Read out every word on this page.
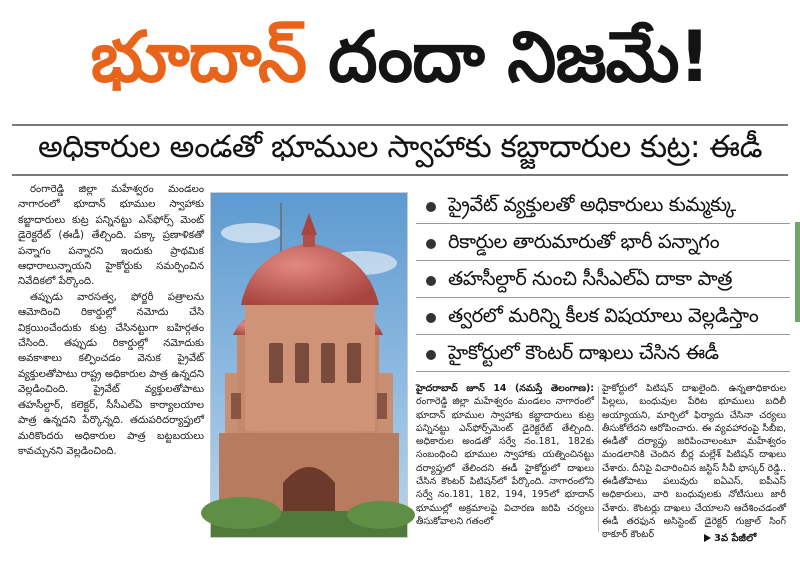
భూదాన్ దందా నిజమే!
అధికారుల అండతో భూముల స్వాహాకు కబ్జాదారుల కుట్ర: ఈడీ

రంగారెడ్డి జిల్లా మహేశ్వరం మండలం నాగారంలో భూదాన్ భూముల స్వాహాకు కబ్జాదారులు కుట్ర పన్నినట్టు ఎన్‌ఫోర్స్ మెంట్ డైరెక్టరేట్ (ఈడీ) తేల్చింది. పక్కా ప్రణాళికతో పన్నాగం పన్నారని ఇందుకు ప్రాథమిక ఆధారాలున్నాయని హైకోర్టుకు సమర్పించిన నివేదికలో పేర్కొంది.

తప్పుడు వారసత్వ, ఫోర్జరీ పత్రాలను ఆమోదించి రికార్డుల్లో నమోదు చేసి విక్రయించేందుకు కుట్ర చేసినట్టుగా బహిర్గతం చేసింది. తప్పుడు రికార్డుల్లో నమోదుకు అవకాశాలు కల్పించడం వెనుక ప్రైవేట్ వ్యక్తులతోపాటు రాష్ట్ర అధికారుల పాత్ర ఉన్నదని వెల్లడించింది. ప్రైవేట్ వ్యక్తులతోపాటు తహసీల్దార్, కలెక్టర్, సీసీఎల్‌ఏ కార్యాలయాల పాత్ర ఉన్నదని పేర్కొన్నది. తదుపరిదర్యాప్తులో మరికొందరు అధికారుల పాత్ర బట్టబయలు కావచ్చునని వెల్లడించింది.

ప్రైవేట్ వ్యక్తులతో అధికారులు కుమ్మక్కు
రికార్డుల తారుమారుతో భారీ పన్నాగం
తహసీల్దార్ నుంచి సీసీఎల్‌ఏ దాకా పాత్ర
త్వరలో మరిన్ని కీలక విషయాలు వెల్లడిస్తాం
హైకోర్టులో కౌంటర్ దాఖలు చేసిన ఈడీ

హైదరాబాద్ జూన్ 14 (నమస్తే తెలంగాణ): రంగారెడ్డి జిల్లా మహేశ్వరం మండలం నాగారంలో భూదాన్ భూముల స్వాహాకు కబ్జాదారులు కుట్ర పన్నినట్టు ఎన్‌ఫోర్స్‌మెంట్ డైరెక్టరేట్ తేల్చింది. అధికారుల అండతో సర్వే నం.181, 182కు సంబంధించి భూముల స్వాహాకు యత్నించినట్టు దర్యాప్తులో తేలిందని ఈడీ హైకోర్టులో దాఖలు చేసిన కౌంటర్ పిటిషన్‌లో పేర్కొంది. నాగారంలోని సర్వే నం.181, 182, 194, 195లో భూదాన్ భూముల్లో అక్రమాలపై విచారణ జరిపి చర్యలు తీసుకోవాలని గతంలో

హైకోర్టులో పిటిషన్ దాఖలైంది. ఉన్నతాధికారుల పిల్లలు, బంధువుల పేరిట భూములు బదిలీ అయ్యాయని, మార్చిలో ఫిర్యాదు చేసినా చర్యలు తీసుకోలేదని ఆరోపించారు. ఈ వ్యవహారంపై సీబీఐ, ఈడీతో దర్యాప్తు జరిపించాలంటూ మహేశ్వరం మండలానికి చెందిన బీర్ల మల్లేశ్ పిటిషన్ దాఖలు చేశారు. దీనిపై విచారించిన జస్టిస్ సీవీ భాస్కర్ రెడ్డి.. ఈడీతోపాటు పలువురు ఐఏఎస్, ఐపీఎస్ అధికారులు, వారి బంధువులకు నోటీసులు జారీ చేశారు. కౌంటర్లు దాఖలు చేయాలని ఆదేశించడంతో ఈడీ తరఫున అసిస్టెంట్ డైరెక్టర్ గుజ్రాల్ సింగ్ ఠాకూర్ కౌంటర్	3వ పేజీలో
